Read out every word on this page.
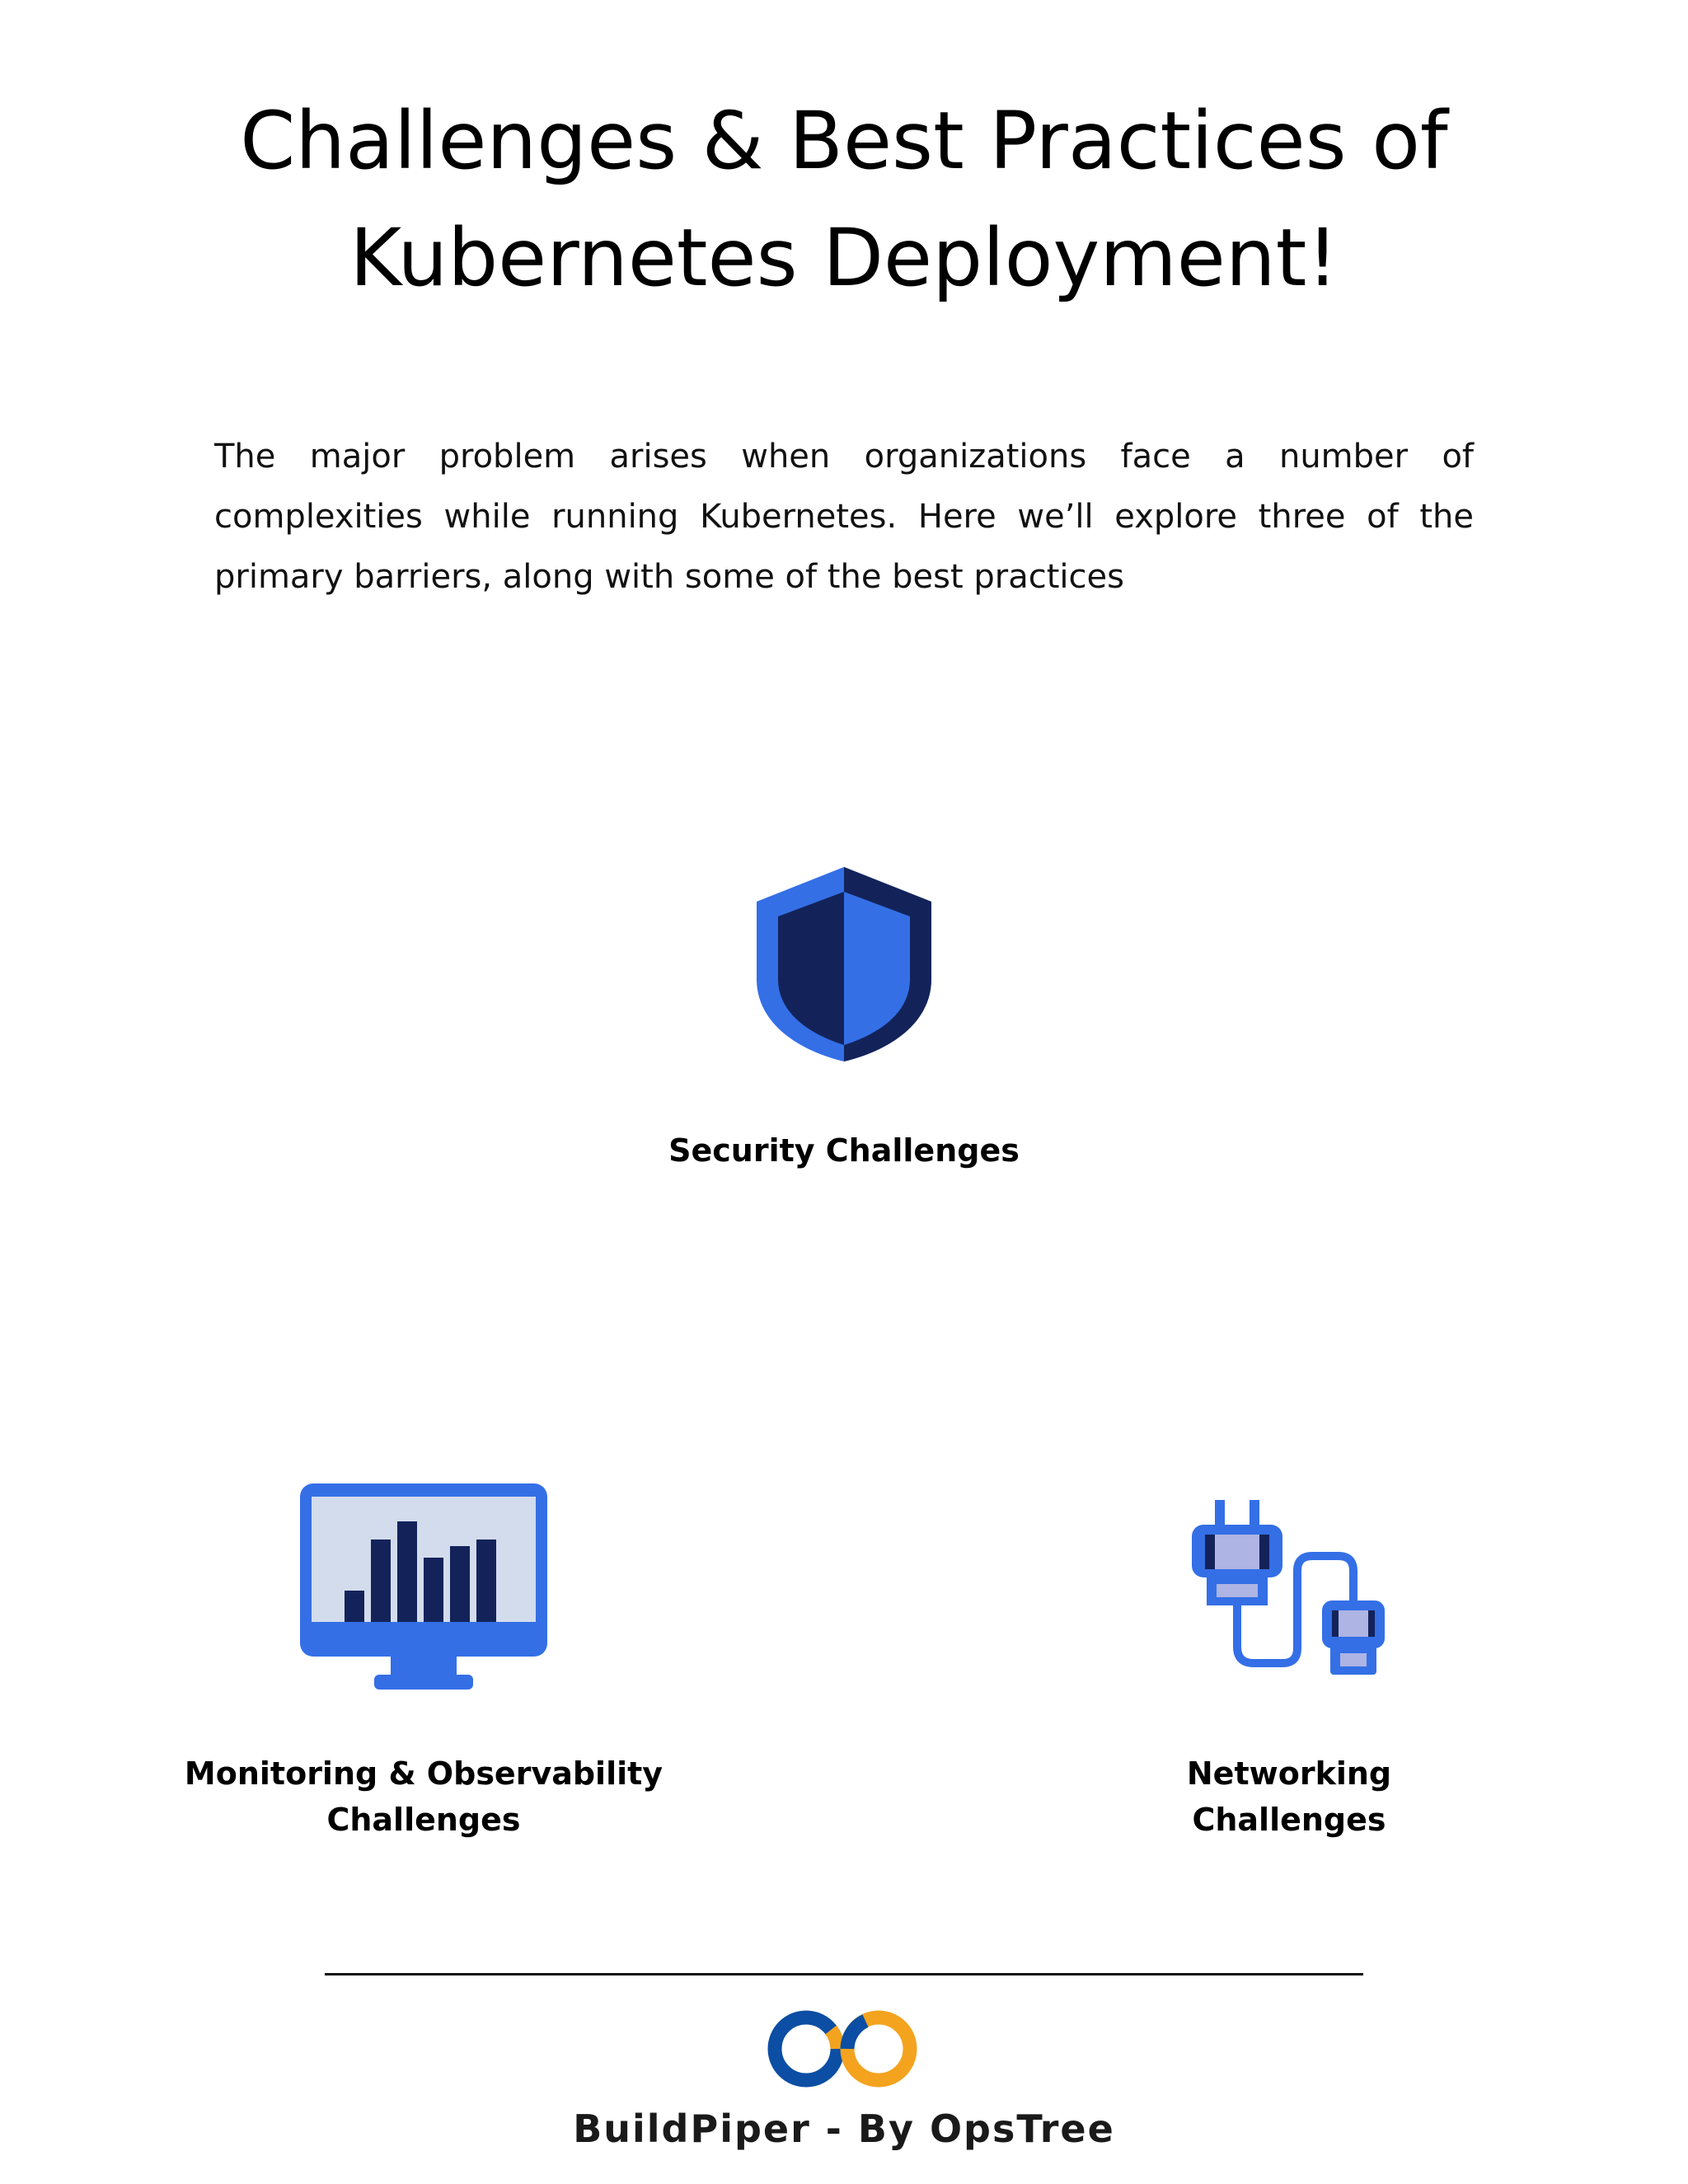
Challenges & Best Practices of
Kubernetes Deployment!

The major problem arises when organizations face a number of complexities while running Kubernetes. Here we’ll explore three of the primary barriers, along with some of the best practices

Security Challenges
Monitoring & Observability
Challenges
Networking
Challenges
BuildPiper - By OpsTree
